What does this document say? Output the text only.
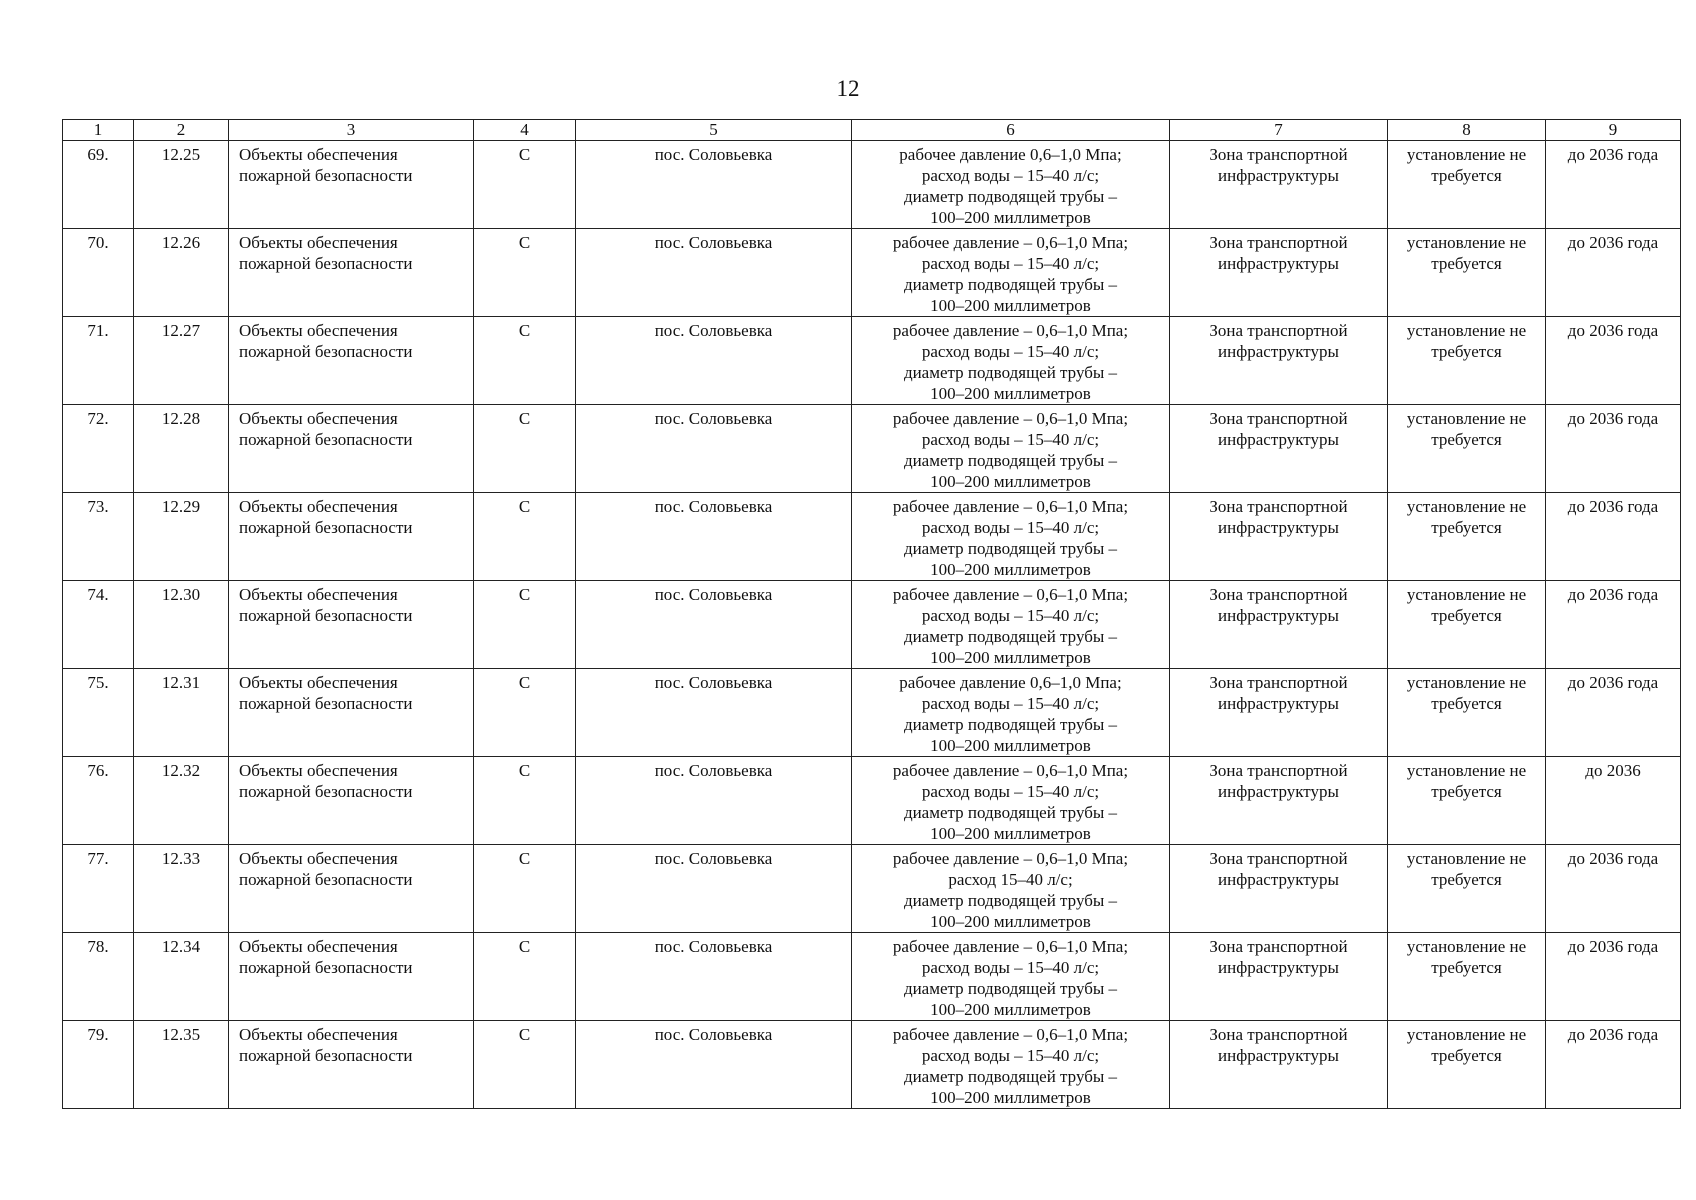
12
1	2	3	4	5	6	7	8	9
69.	12.25	Объекты обеспечения
пожарной безопасности	С	пос. Соловьевка	рабочее давление 0,6–1,0 Мпа;
расход воды – 15–40 л/с;
диаметр подводящей трубы –
100–200 миллиметров	Зона транспортной
инфраструктуры	установление не
требуется	до 2036 года
70.	12.26	Объекты обеспечения
пожарной безопасности	С	пос. Соловьевка	рабочее давление – 0,6–1,0 Мпа;
расход воды – 15–40 л/с;
диаметр подводящей трубы –
100–200 миллиметров	Зона транспортной
инфраструктуры	установление не
требуется	до 2036 года
71.	12.27	Объекты обеспечения
пожарной безопасности	С	пос. Соловьевка	рабочее давление – 0,6–1,0 Мпа;
расход воды – 15–40 л/с;
диаметр подводящей трубы –
100–200 миллиметров	Зона транспортной
инфраструктуры	установление не
требуется	до 2036 года
72.	12.28	Объекты обеспечения
пожарной безопасности	С	пос. Соловьевка	рабочее давление – 0,6–1,0 Мпа;
расход воды – 15–40 л/с;
диаметр подводящей трубы –
100–200 миллиметров	Зона транспортной
инфраструктуры	установление не
требуется	до 2036 года
73.	12.29	Объекты обеспечения
пожарной безопасности	С	пос. Соловьевка	рабочее давление – 0,6–1,0 Мпа;
расход воды – 15–40 л/с;
диаметр подводящей трубы –
100–200 миллиметров	Зона транспортной
инфраструктуры	установление не
требуется	до 2036 года
74.	12.30	Объекты обеспечения
пожарной безопасности	С	пос. Соловьевка	рабочее давление – 0,6–1,0 Мпа;
расход воды – 15–40 л/с;
диаметр подводящей трубы –
100–200 миллиметров	Зона транспортной
инфраструктуры	установление не
требуется	до 2036 года
75.	12.31	Объекты обеспечения
пожарной безопасности	С	пос. Соловьевка	рабочее давление 0,6–1,0 Мпа;
расход воды – 15–40 л/с;
диаметр подводящей трубы –
100–200 миллиметров	Зона транспортной
инфраструктуры	установление не
требуется	до 2036 года
76.	12.32	Объекты обеспечения
пожарной безопасности	С	пос. Соловьевка	рабочее давление – 0,6–1,0 Мпа;
расход воды – 15–40 л/с;
диаметр подводящей трубы –
100–200 миллиметров	Зона транспортной
инфраструктуры	установление не
требуется	до 2036
77.	12.33	Объекты обеспечения
пожарной безопасности	С	пос. Соловьевка	рабочее давление – 0,6–1,0 Мпа;
расход 15–40 л/с;
диаметр подводящей трубы –
100–200 миллиметров	Зона транспортной
инфраструктуры	установление не
требуется	до 2036 года
78.	12.34	Объекты обеспечения
пожарной безопасности	С	пос. Соловьевка	рабочее давление – 0,6–1,0 Мпа;
расход воды – 15–40 л/с;
диаметр подводящей трубы –
100–200 миллиметров	Зона транспортной
инфраструктуры	установление не
требуется	до 2036 года
79.	12.35	Объекты обеспечения
пожарной безопасности	С	пос. Соловьевка	рабочее давление – 0,6–1,0 Мпа;
расход воды – 15–40 л/с;
диаметр подводящей трубы –
100–200 миллиметров	Зона транспортной
инфраструктуры	установление не
требуется	до 2036 года
